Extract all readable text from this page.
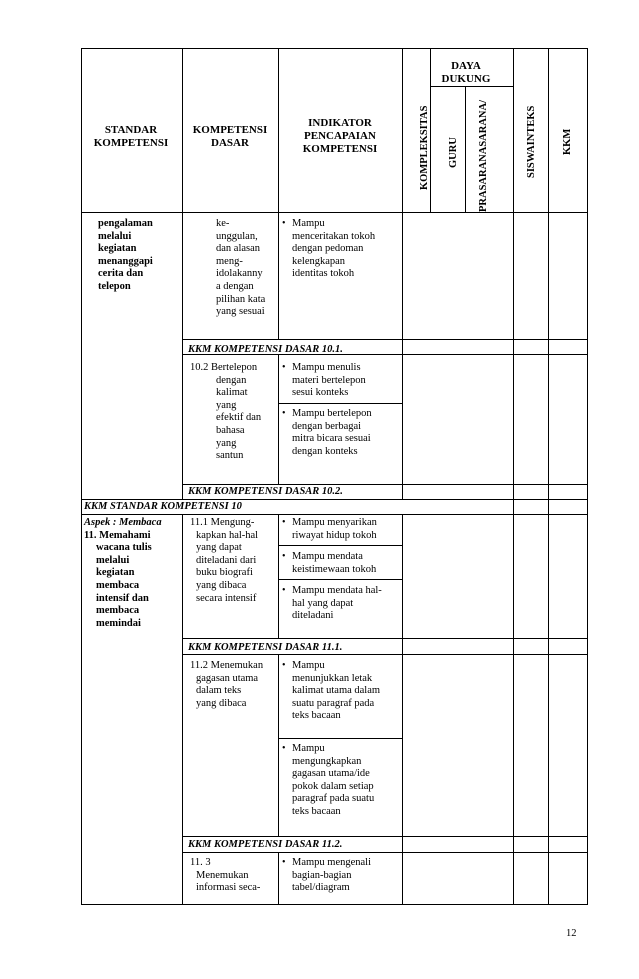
STANDAR
KOMPETENSI
KOMPETENSI
DASAR
INDIKATOR
PENCAPAIAN
KOMPETENSI	KOMPLEKSITAS
DAYA
DUKUNG
GURU PRASARANASARANA/	SISWAINTEKS KKM
pengalaman
melalui
kegiatan
menanggapi
cerita dan
telepon
ke-
unggulan,
dan alasan
meng-
idolakanny
a dengan
pilihan kata
yang sesuai
• Mampu
menceritakan tokoh
dengan pedoman
kelengkapan
identitas tokoh
KKM KOMPETENSI DASAR 10.1.
10.2 Bertelepon
dengan
kalimat
yang
efektif dan
bahasa
yang
santun
• Mampu menulis
materi bertelepon
sesui konteks
• Mampu bertelepon
dengan berbagai
mitra bicara sesuai
dengan konteks
KKM KOMPETENSI DASAR 10.2.
KKM STANDAR KOMPETENSI 10
Aspek : Membaca
11. Memahami
wacana tulis
melalui
kegiatan
membaca
intensif dan
membaca
memindai
11.1 Mengung-
kapkan hal-hal
yang dapat
diteladani dari
buku biografi
yang dibaca
secara intensif
• Mampu menyarikan
riwayat hidup tokoh
• Mampu mendata
keistimewaan tokoh
• Mampu mendata hal-
hal yang dapat
diteladani
KKM KOMPETENSI DASAR 11.1.
11.2 Menemukan
gagasan utama
dalam teks
yang dibaca
• Mampu
menunjukkan letak
kalimat utama dalam
suatu paragraf pada
teks bacaan
• Mampu
mengungkapkan
gagasan utama/ide
pokok dalam setiap
paragraf pada suatu
teks bacaan
KKM KOMPETENSI DASAR 11.2.
11. 3
Menemukan
informasi seca-
• Mampu mengenali
bagian-bagian
tabel/diagram
12
